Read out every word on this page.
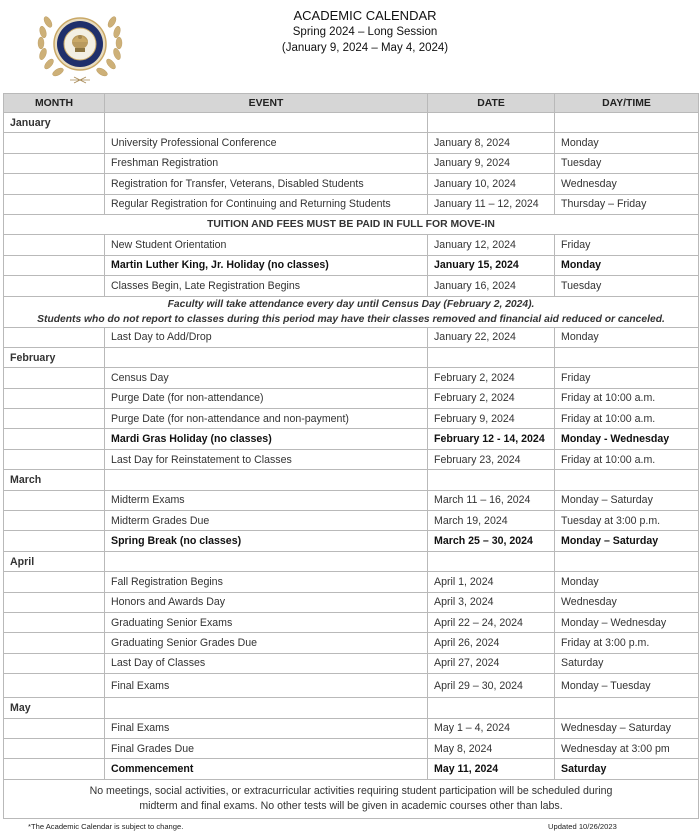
ACADEMIC CALENDAR
Spring 2024 – Long Session
(January 9, 2024 – May 4, 2024)
MONTH	EVENT	DATE	DAY/TIME
January			
	University Professional Conference	January 8, 2024	Monday
	Freshman Registration	January 9, 2024	Tuesday
	Registration for Transfer, Veterans, Disabled Students	January 10, 2024	Wednesday
	Regular Registration for Continuing and Returning Students	January 11 – 12, 2024	Thursday – Friday
TUITION AND FEES MUST BE PAID IN FULL FOR MOVE-IN			
	New Student Orientation	January 12, 2024	Friday
	Martin Luther King, Jr. Holiday (no classes)	January 15, 2024	Monday
	Classes Begin, Late Registration Begins	January 16, 2024	Tuesday

Faculty will take attendance every day until Census Day (February 2, 2024).
Students who do not report to classes during this period may have their classes removed and financial aid reduced or canceled.			

	Last Day to Add/Drop	January 22, 2024	Monday
February			
	Census Day	February 2, 2024	Friday
	Purge Date (for non-attendance)	February 2, 2024	Friday at 10:00 a.m.
	Purge Date (for non-attendance and non-payment)	February 9, 2024	Friday at 10:00 a.m.
	Mardi Gras Holiday (no classes)	February 12 - 14, 2024	Monday - Wednesday
	Last Day for Reinstatement to Classes	February 23, 2024	Friday at 10:00 a.m.
March			
	Midterm Exams	March 11 – 16, 2024	Monday – Saturday
	Midterm Grades Due	March 19, 2024	Tuesday at 3:00 p.m.
	Spring Break (no classes)	March 25 – 30, 2024	Monday – Saturday
April			
	Fall Registration Begins	April 1, 2024	Monday
	Honors and Awards Day	April 3, 2024	Wednesday
	Graduating Senior Exams	April 22 – 24, 2024	Monday – Wednesday
	Graduating Senior Grades Due	April 26, 2024	Friday at 3:00 p.m.
	Last Day of Classes	April 27, 2024	Saturday
	Final Exams	April 29 – 30, 2024	Monday – Tuesday
May			
	Final Exams	May 1 – 4, 2024	Wednesday – Saturday
	Final Grades Due	May 8, 2024	Wednesday at 3:00 pm
	Commencement	May 11, 2024	Saturday

No meetings, social activities, or extracurricular activities requiring student participation will be scheduled during
midterm and final exams. No other tests will be given in academic courses other than labs.			
*The Academic Calendar is subject to change.	Updated 10/26/2023
